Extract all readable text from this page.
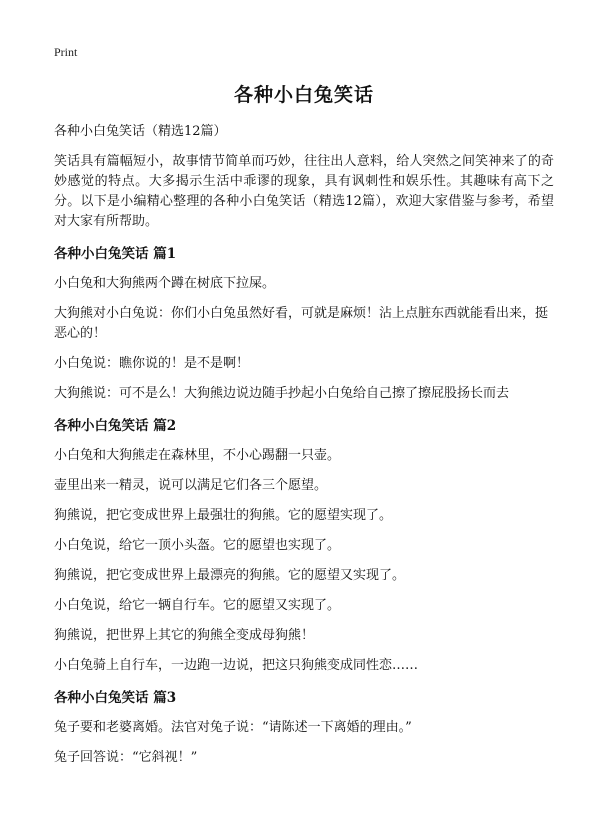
Print
各种小白兔笑话
各种小白兔笑话（精选12篇）
笑话具有篇幅短小，故事情节简单而巧妙，往往出人意料，给人突然之间笑神来了的奇妙感觉的特点。大多揭示生活中乖谬的现象，具有讽刺性和娱乐性。其趣味有高下之分。以下是小编精心整理的各种小白兔笑话（精选12篇），欢迎大家借鉴与参考，希望对大家有所帮助。
各种小白兔笑话 篇1
小白兔和大狗熊两个蹲在树底下拉屎。
大狗熊对小白兔说：你们小白兔虽然好看，可就是麻烦！沾上点脏东西就能看出来，挺恶心的！
小白兔说：瞧你说的！是不是啊！
大狗熊说：可不是么！大狗熊边说边随手抄起小白兔给自己擦了擦屁股扬长而去
各种小白兔笑话 篇2
小白兔和大狗熊走在森林里，不小心踢翻一只壶。
壶里出来一精灵，说可以满足它们各三个愿望。
狗熊说，把它变成世界上最强壮的狗熊。它的愿望实现了。
小白兔说，给它一顶小头盔。它的愿望也实现了。
狗熊说，把它变成世界上最漂亮的狗熊。它的愿望又实现了。
小白兔说，给它一辆自行车。它的愿望又实现了。
狗熊说，把世界上其它的狗熊全变成母狗熊！
小白兔骑上自行车，一边跑一边说，把这只狗熊变成同性恋……
各种小白兔笑话 篇3
兔子要和老婆离婚。法官对兔子说：“请陈述一下离婚的理由。”
兔子回答说：“它斜视！”
